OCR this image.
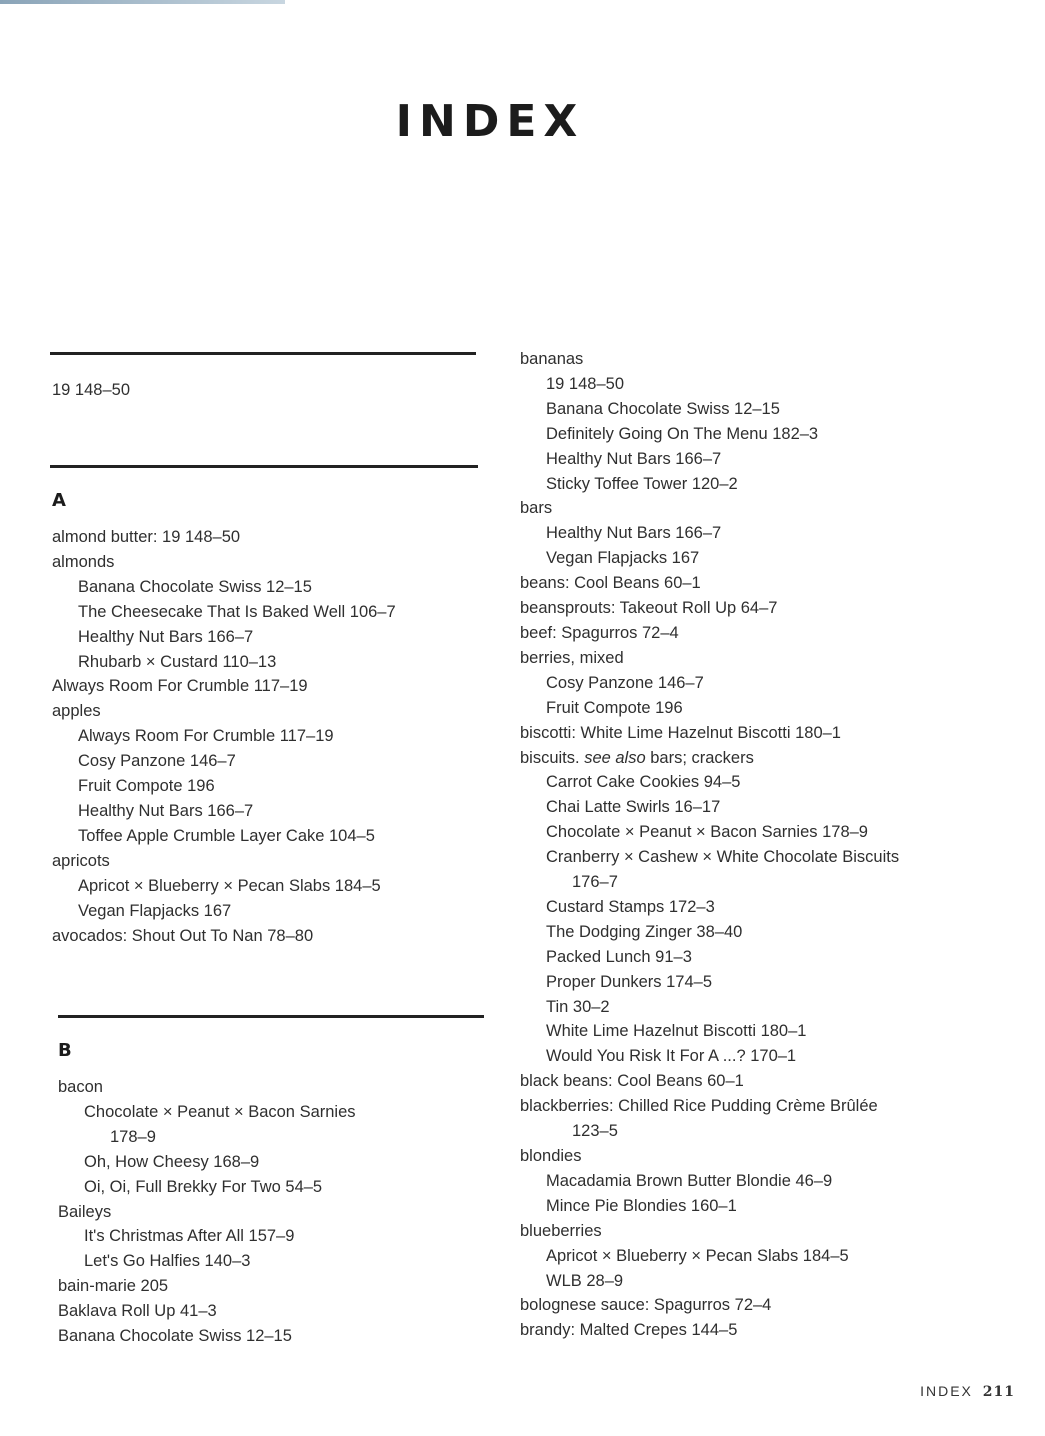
INDEX
19 148–50
A
almond butter: 19 148–50
almonds
Banana Chocolate Swiss 12–15
The Cheesecake That Is Baked Well 106–7
Healthy Nut Bars 166–7
Rhubarb × Custard 110–13
Always Room For Crumble 117–19
apples
Always Room For Crumble 117–19
Cosy Panzone 146–7
Fruit Compote 196
Healthy Nut Bars 166–7
Toffee Apple Crumble Layer Cake 104–5
apricots
Apricot × Blueberry × Pecan Slabs 184–5
Vegan Flapjacks 167
avocados: Shout Out To Nan 78–80
B
bacon
Chocolate × Peanut × Bacon Sarnies
178–9
Oh, How Cheesy 168–9
Oi, Oi, Full Brekky For Two 54–5
Baileys
It's Christmas After All 157–9
Let's Go Halfies 140–3
bain-marie 205
Baklava Roll Up 41–3
Banana Chocolate Swiss 12–15
bananas
19 148–50
Banana Chocolate Swiss 12–15
Definitely Going On The Menu 182–3
Healthy Nut Bars 166–7
Sticky Toffee Tower 120–2
bars
Healthy Nut Bars 166–7
Vegan Flapjacks 167
beans: Cool Beans 60–1
beansprouts: Takeout Roll Up 64–7
beef: Spagurros 72–4
berries, mixed
Cosy Panzone 146–7
Fruit Compote 196
biscotti: White Lime Hazelnut Biscotti 180–1
biscuits. see also bars; crackers
Carrot Cake Cookies 94–5
Chai Latte Swirls 16–17
Chocolate × Peanut × Bacon Sarnies 178–9
Cranberry × Cashew × White Chocolate Biscuits
176–7
Custard Stamps 172–3
The Dodging Zinger 38–40
Packed Lunch 91–3
Proper Dunkers 174–5
Tin 30–2
White Lime Hazelnut Biscotti 180–1
Would You Risk It For A ...? 170–1
black beans: Cool Beans 60–1
blackberries: Chilled Rice Pudding Crème Brûlée
123–5
blondies
Macadamia Brown Butter Blondie 46–9
Mince Pie Blondies 160–1
blueberries
Apricot × Blueberry × Pecan Slabs 184–5
WLB 28–9
bolognese sauce: Spagurros 72–4
brandy: Malted Crepes 144–5
INDEX 211
